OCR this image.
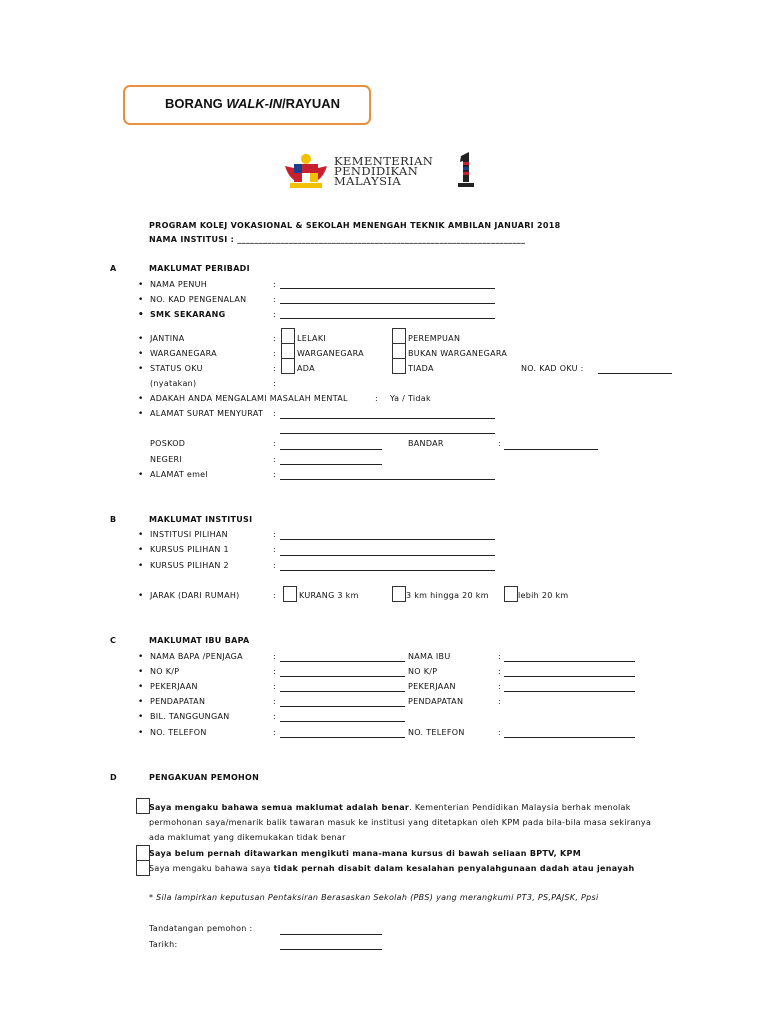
BORANG WALK-IN/RAYUAN
KEMENTERIAN
PENDIDIKAN
MALAYSIA
PROGRAM KOLEJ VOKASIONAL & SEKOLAH MENENGAH TEKNIK AMBILAN JANUARI 2018
NAMA INSTITUSI : ___________________________________________________________________
A	MAKLUMAT PERIBADI
• NAMA PENUH	:
• NO. KAD PENGENALAN	:
• SMK SEKARANG	:
• JANTINA	:	LELAKI	PEREMPUAN
• WARGANEGARA	:	WARGANEGARA	BUKAN WARGANEGARA
• STATUS OKU	:	ADA	TIADA	NO. KAD OKU :
(nyatakan)	:
• ADAKAH ANDA MENGALAMI MASALAH MENTAL	: Ya / Tidak
• ALAMAT SURAT MENYURAT :
POSKOD	:	BANDAR	:
NEGERI	:
• ALAMAT emel	:
B	MAKLUMAT INSTITUSI
• INSTITUSI PILIHAN	:
• KURSUS PILIHAN 1	:
• KURSUS PILIHAN 2	:
• JARAK (DARI RUMAH)	:	KURANG 3 km	3 km hingga 20 km	lebih 20 km
C	MAKLUMAT IBU BAPA
• NAMA BAPA /PENJAGA	:	NAMA IBU	:
• NO K/P	:	NO K/P	:
• PEKERJAAN	:	PEKERJAAN	:
• PENDAPATAN	:	PENDAPATAN	:
• BIL. TANGGUNGAN	:
• NO. TELEFON	:	NO. TELEFON	:
D	PENGAKUAN PEMOHON
Saya mengaku bahawa semua maklumat adalah benar. Kementerian Pendidikan Malaysia berhak menolak
permohonan saya/menarik balik tawaran masuk ke institusi yang ditetapkan oleh KPM pada bila-bila masa sekiranya
ada maklumat yang dikemukakan tidak benar
Saya belum pernah ditawarkan mengikuti mana-mana kursus di bawah seliaan BPTV, KPM
Saya mengaku bahawa saya tidak pernah disabit dalam kesalahan penyalahgunaan dadah atau jenayah
* Sila lampirkan keputusan Pentaksiran Berasaskan Sekolah (PBS) yang merangkumi PT3, PS,PAJSK, Ppsi
Tandatangan pemohon :
Tarikh:
